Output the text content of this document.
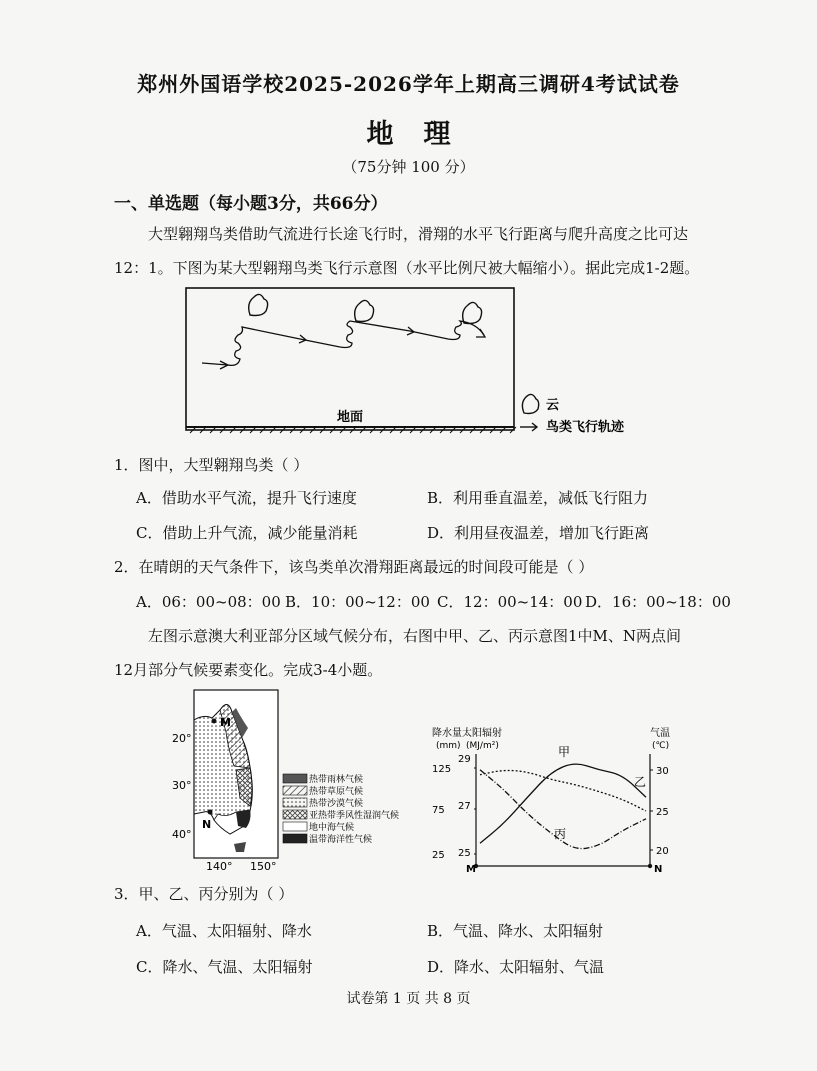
郑州外国语学校2025-2026学年上期高三调研4考试试卷
地理
（75分钟 100 分）
一、单选题（每小题3分，共66分）
大型翱翔鸟类借助气流进行长途飞行时，滑翔的水平飞行距离与爬升高度之比可达
12：1。下图为某大型翱翔鸟类飞行示意图（水平比例尺被大幅缩小）。据此完成1-2题。
地面
云
鸟类飞行轨迹
1．图中，大型翱翔鸟类（ ）
A．借助水平气流，提升飞行速度	B．利用垂直温差，减低飞行阻力
C．借助上升气流，减少能量消耗	D．利用昼夜温差，增加飞行距离
2．在晴朗的天气条件下，该鸟类单次滑翔距离最远的时间段可能是（ ）
A．06：00~08：00 B．10：00~12：00 C．12：00~14：00 D．16：00~18：00
左图示意澳大利亚部分区域气候分布，右图中甲、乙、丙示意图1中M、N两点间
12月部分气候要素变化。完成3-4小题。
M
N
20°
30°
40°
140° 150°
热带雨林气候
热带草原气候
热带沙漠气候
亚热带季风性湿润气候
地中海气候
温带海洋性气候
降水量 太阳辐射
(mm) (MJ/m²)
气温
(℃)
125
75
25
29
27
25
30
25
20
甲
乙
丙
M	N
3．甲、乙、丙分别为（ ）
A．气温、太阳辐射、降水	B．气温、降水、太阳辐射
C．降水、气温、太阳辐射	D．降水、太阳辐射、气温
试卷第 1 页 共 8 页
